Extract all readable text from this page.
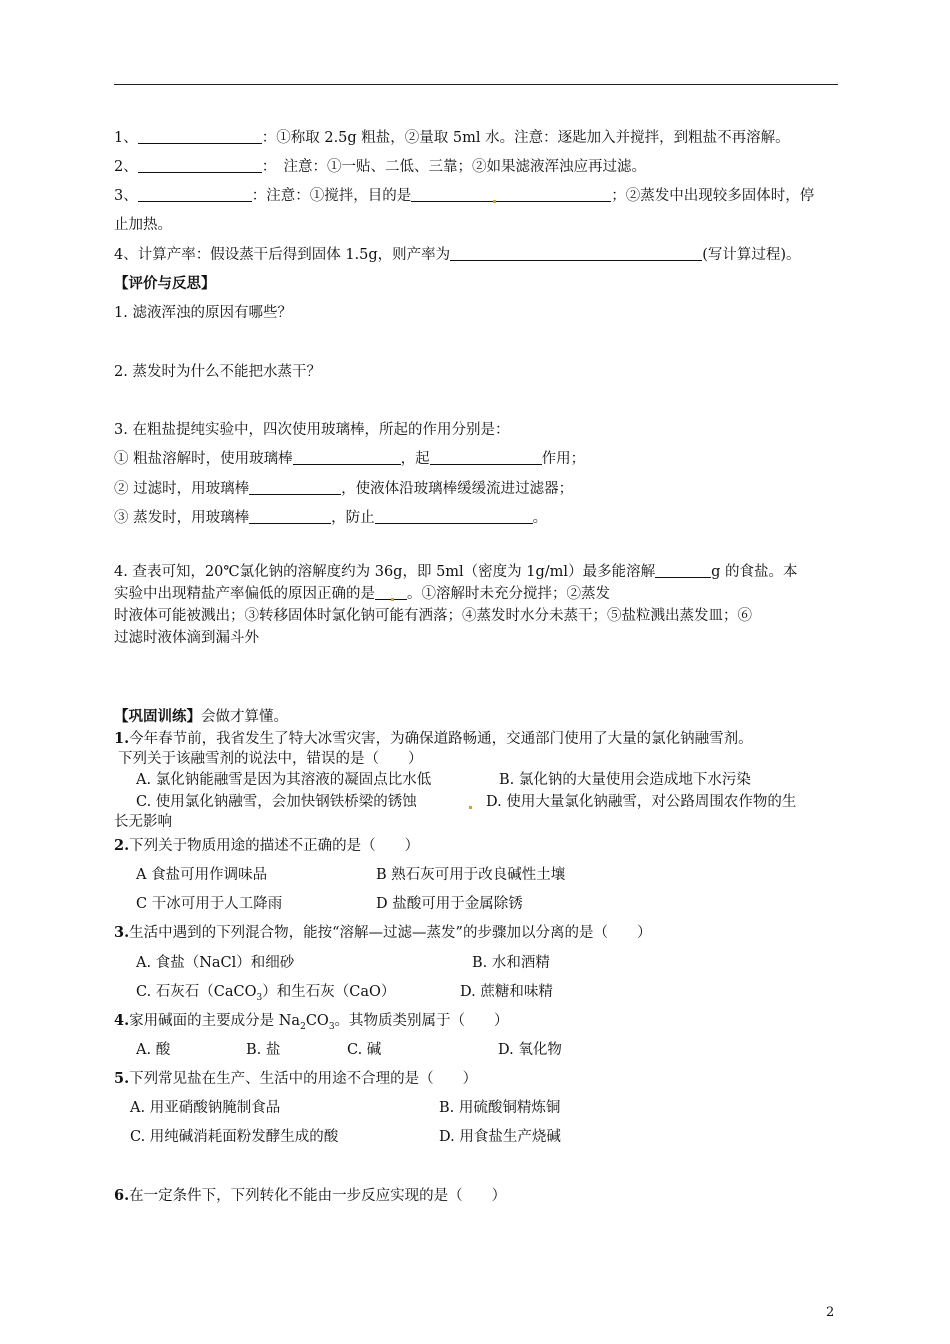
1、	：①称取 2.5g 粗盐，②量取 5ml 水。注意：逐匙加入并搅拌，到粗盐不再溶解。
2、	：　注意：①一贴、二低、三靠；②如果滤液浑浊应再过滤。
3、	：注意：①搅拌，目的是	；②蒸发中出现较多固体时，停
止加热。
4、计算产率：假设蒸干后得到固体 1.5g，则产率为	(写计算过程)。
【评价与反思】
1. 滤液浑浊的原因有哪些？
2. 蒸发时为什么不能把水蒸干？
3. 在粗盐提纯实验中，四次使用玻璃棒，所起的作用分别是：
① 粗盐溶解时，使用玻璃棒	，起	作用；
② 过滤时，用玻璃棒	，使液体沿玻璃棒缓缓流进过滤器；
③ 蒸发时，用玻璃棒	，防止	。
4. 查表可知，20℃氯化钠的溶解度约为 36g，即 5ml（密度为 1g/ml）最多能溶解	g 的食盐。本
实验中出现精盐产率偏低的原因正确的是 。①溶解时未充分搅拌；②蒸发
时液体可能被溅出；③转移固体时氯化钠可能有洒落；④蒸发时水分未蒸干；⑤盐粒溅出蒸发皿；⑥
过滤时液体滴到漏斗外
【巩固训练】会做才算懂。
1.今年春节前，我省发生了特大冰雪灾害，为确保道路畅通，交通部门使用了大量的氯化钠融雪剂。
下列关于该融雪剂的说法中，错误的是（　　）
A. 氯化钠能融雪是因为其溶液的凝固点比水低	B. 氯化钠的大量使用会造成地下水污染
C. 使用氯化钠融雪，会加快钢铁桥梁的锈蚀	D. 使用大量氯化钠融雪，对公路周围农作物的生
长无影响
2.下列关于物质用途的描述不正确的是（　　）
A 食盐可用作调味品	B 熟石灰可用于改良碱性土壤
C 干冰可用于人工降雨	D 盐酸可用于金属除锈
3.生活中遇到的下列混合物，能按“溶解—过滤—蒸发”的步骤加以分离的是（　　）
A. 食盐（NaCl）和细砂	B. 水和酒精
C. 石灰石（CaCO$_3$）和生石灰（CaO）	D. 蔗糖和味精
4.家用碱面的主要成分是 $Na_2CO_3$。其物质类别属于（　　）
A. 酸	B. 盐	C. 碱	D. 氧化物
5.下列常见盐在生产、生活中的用途不合理的是（　　）
A. 用亚硝酸钠腌制食品	B. 用硫酸铜精炼铜
C. 用纯碱消耗面粉发酵生成的酸	D. 用食盐生产烧碱
6.在一定条件下，下列转化不能由一步反应实现的是（　　）
2
